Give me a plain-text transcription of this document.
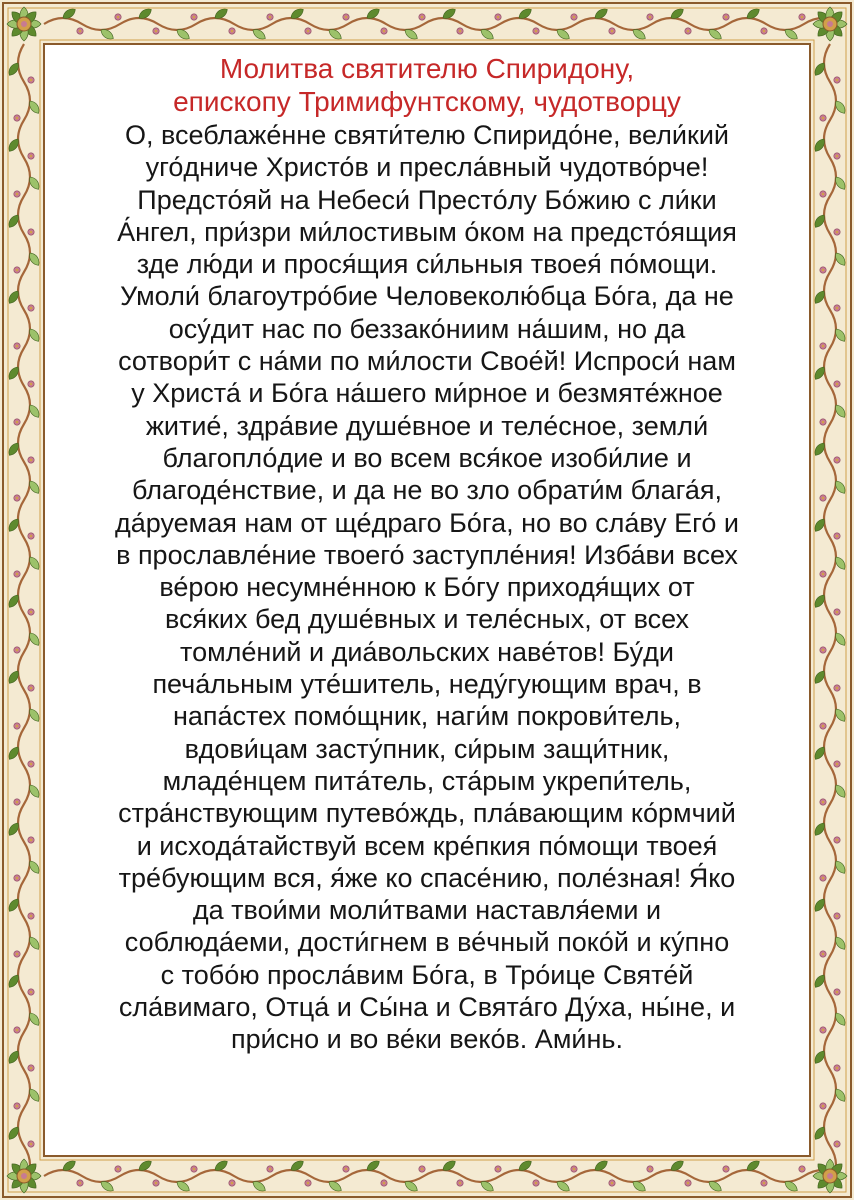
Молитва святителю Спиридону,
епископу Тримифунтскому, чудотворцу
О, всеблаже́нне святи́телю Спиридо́не, вели́кий
уго́дниче Христо́в и пресла́вный чудотво́рче!
Предсто́яй на Небеси́ Престо́лу Бо́жию с ли́ки
А́нгел, при́зри ми́лостивым о́ком на предсто́ящия
зде лю́ди и прося́щия си́льныя твоея́ по́мощи.
Умоли́ благоутро́бие Человеколю́бца Бо́га, да не
осу́дит нас по беззако́ниим на́шим, но да
сотвори́т с на́ми по ми́лости Свое́й! Испроси́ нам
у Христа́ и Бо́га на́шего ми́рное и безмяте́жное
житие́, здра́вие душе́вное и теле́сное, земли́
благопло́дие и во всем вся́кое изоби́лие и
благоде́нствие, и да не во зло обрати́м блага́я,
да́руемая нам от ще́драго Бо́га, но во сла́ву Его́ и
в прославле́ние твоего́ заступле́ния! Изба́ви всех
ве́рою несумне́нною к Бо́гу приходя́щих от
вся́ких бед душе́вных и теле́сных, от всех
томле́ний и диа́вольских наве́тов! Бу́ди
печа́льным уте́шитель, неду́гующим врач, в
напа́стех помо́щник, наги́м покрови́тель,
вдови́цам засту́пник, си́рым защи́тник,
младе́нцем пита́тель, ста́рым укрепи́тель,
стра́нствующим путево́ждь, пла́вающим ко́рмчий
и исхода́тайствуй всем кре́пкия по́мощи твоея́
тре́бующим вся, я́же ко спасе́нию, поле́зная! Я́ко
да твои́ми моли́твами наставля́еми и
соблюда́еми, дости́гнем в ве́чный поко́й и ку́пно
с тобо́ю просла́вим Бо́га, в Тро́ице Святе́й
сла́вимаго, Отца́ и Сы́на и Свята́го Ду́ха, ны́не, и
при́сно и во ве́ки веко́в. Ами́нь.
